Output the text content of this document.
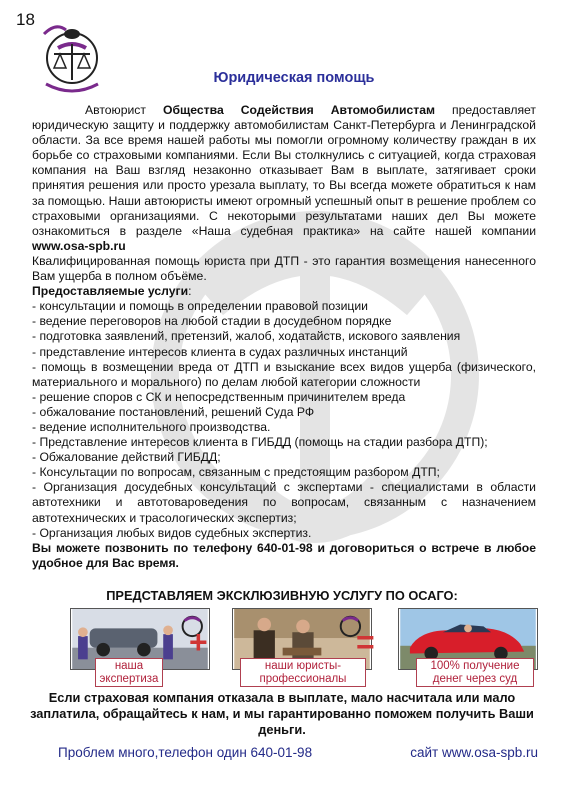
18
Юридическая помощь

Автоюрист Общества Содействия Автомобилистам предоставляет юридическую защиту и поддержку автомобилистам Санкт-Петербурга и Ленинградской области. За все время нашей работы мы помогли огромному количеству граждан в их борьбе со страховыми компаниями. Если Вы столкнулись с ситуацией, когда страховая компания на Ваш взгляд незаконно отказывает Вам в выплате, затягивает сроки принятия решения или просто урезала выплату, то Вы всегда можете обратиться к нам за помощью. Наши автоюристы имеют огромный успешный опыт в решение проблем со страховыми организациями. С некоторыми результатами наших дел Вы можете ознакомиться в разделе «Наша судебная практика» на сайте нашей компании www.osa-spb.ru

Квалифицированная помощь юриста при ДТП - это гарантия возмещения нанесенного Вам ущерба в полном объёме.

Предоставляемые услуги:

- консультации и помощь в определении правовой позиции
- ведение переговоров на любой стадии в досудебном порядке
- подготовка заявлений, претензий, жалоб, ходатайств, искового заявления
- представление интересов клиента в судах различных инстанций
- помощь в возмещении вреда от ДТП и взыскание всех видов ущерба (физического, материального и морального) по делам любой категории сложности
- решение споров с СК и непосредственным причинителем вреда
- обжалование постановлений, решений Суда РФ
- ведение исполнительного производства.
- Представление интересов клиента в ГИБДД (помощь на стадии разбора ДТП);
- Обжалование действий ГИБДД;
- Консультации по вопросам, связанным с предстоящим разбором ДТП;
- Организация досудебных консультаций с экспертами - специалистами в области автотехники и автотовароведения по вопросам, связанным с назначением автотехнических и трасологических экспертиз;
- Организация любых видов судебных экспертиз.

Вы можете позвонить по телефону 640-01-98 и договориться о встрече в любое удобное для Вас время.

ПРЕДСТАВЛЯЕМ ЭКСКЛЮЗИВНУЮ УСЛУГУ ПО ОСАГО:
наша
экспертиза
+
наши юристы-
профессионалы
=
100% получение
денег через суд
Если страховая компания отказала в выплате, мало насчитала или мало заплатила, обращайтесь к нам, и мы гарантированно поможем получить Ваши деньги.
Проблем много,телефон один 640-01-98	сайт www.osa-spb.ru
